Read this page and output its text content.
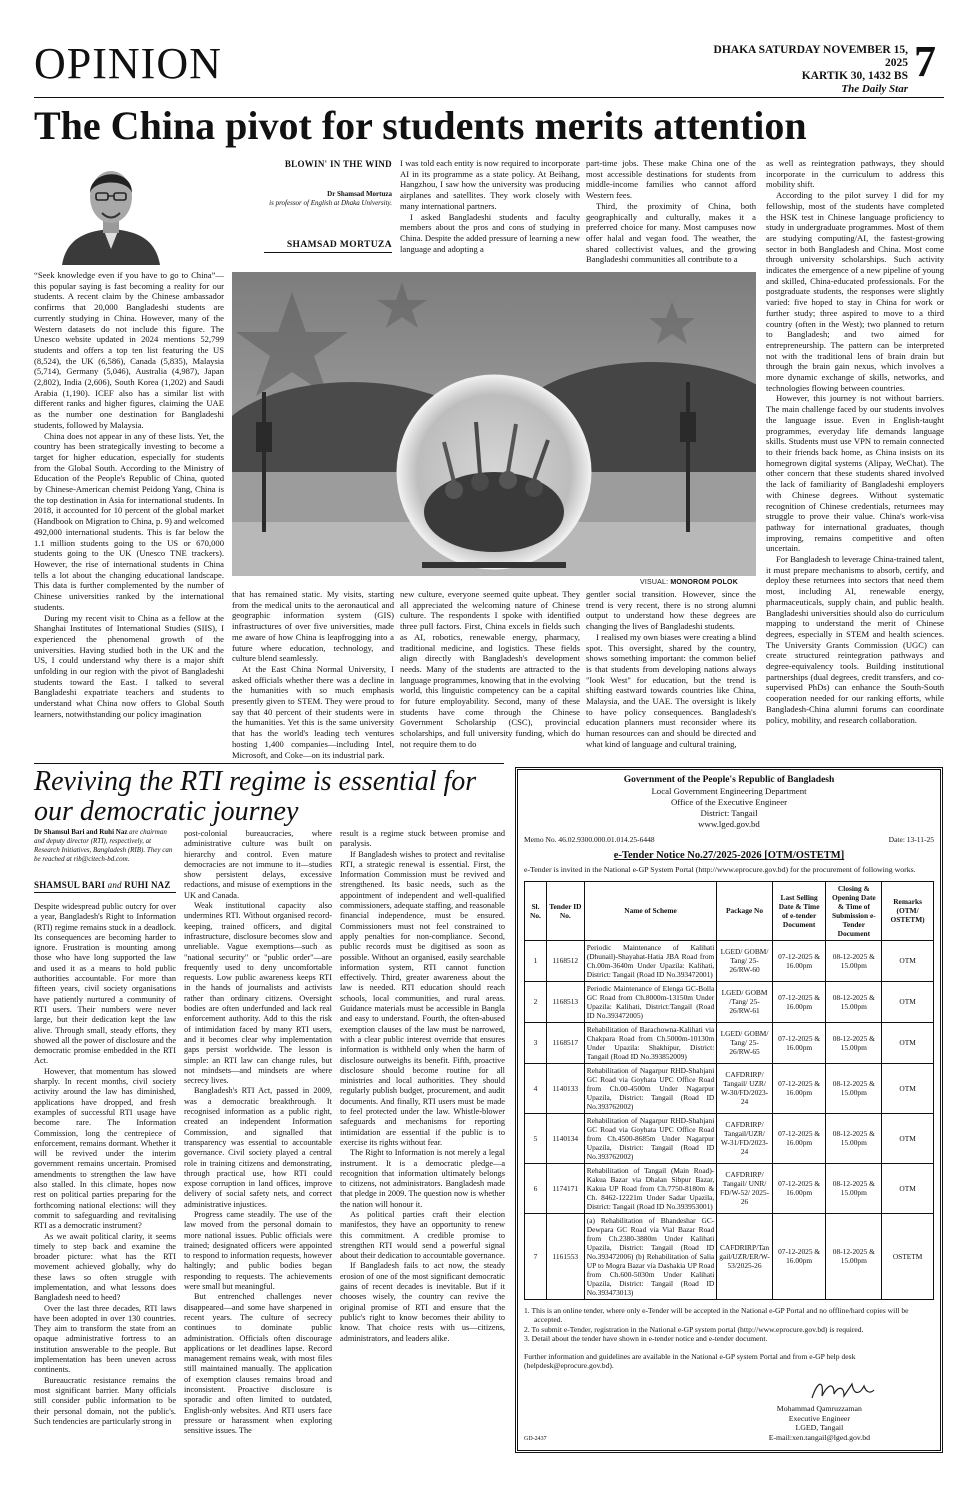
OPINION	DHAKA SATURDAY NOVEMBER 15, 2025
KARTIK 30, 1432 BS
The Daily Star
7
The China pivot for students merits attention
BLOWIN' IN THE WIND
Dr Shamsad Mortuza
is professor of English at Dhaka University.
SHAMSAD MORTUZA

“Seek knowledge even if you have to go to China”—this popular saying is fast becoming a reality for our students. A recent claim by the Chinese ambassador confirms that 20,000 Bangladeshi students are currently studying in China. However, many of the Western datasets do not include this figure. The Unesco website updated in 2024 mentions 52,799 students and offers a top ten list featuring the US (8,524), the UK (6,586), Canada (5,835), Malaysia (5,714), Germany (5,046), Australia (4,987), Japan (2,802), India (2,606), South Korea (1,202) and Saudi Arabia (1,190). ICEF also has a similar list with different ranks and higher figures, claiming the UAE as the number one destination for Bangladeshi students, followed by Malaysia.

China does not appear in any of these lists. Yet, the country has been strategically investing to become a target for higher education, especially for students from the Global South. According to the Ministry of Education of the People's Republic of China, quoted by Chinese-American chemist Peidong Yang, China is the top destination in Asia for international students. In 2018, it accounted for 10 percent of the global market (Handbook on Migration to China, p. 9) and welcomed 492,000 international students. This is far below the 1.1 million students going to the US or 670,000 students going to the UK (Unesco TNE trackers). However, the rise of international students in China tells a lot about the changing educational landscape. This data is further complemented by the number of Chinese universities ranked by the international students.

During my recent visit to China as a fellow at the Shanghai Institutes of International Studies (SIIS), I experienced the phenomenal growth of the universities. Having studied both in the UK and the US, I could understand why there is a major shift unfolding in our region with the pivot of Bangladeshi students toward the East. I talked to several Bangladeshi expatriate teachers and students to understand what China now offers to Global South learners, notwithstanding our policy imagination

I was told each entity is now required to incorporate AI in its programme as a state policy. At Beihang, Hangzhou, I saw how the university was producing airplanes and satellites. They work closely with many international partners.

I asked Bangladeshi students and faculty members about the pros and cons of studying in China. Despite the added pressure of learning a new language and adopting a

part-time jobs. These make China one of the most accessible destinations for students from middle-income families who cannot afford Western fees.

Third, the proximity of China, both geographically and culturally, makes it a preferred choice for many. Most campuses now offer halal and vegan food. The weather, the shared collectivist values, and the growing Bangladeshi communities all contribute to a

VISUAL: MONOROM POLOK

that has remained static. My visits, starting from the medical units to the aeronautical and geographic information system (GIS) infrastructures of over five universities, made me aware of how China is leapfrogging into a future where education, technology, and culture blend seamlessly.

At the East China Normal University, I asked officials whether there was a decline in the humanities with so much emphasis presently given to STEM. They were proud to say that 40 percent of their students were in the humanities. Yet this is the same university that has the world's leading tech ventures hosting 1,400 companies—including Intel, Microsoft, and Coke—on its industrial park.

new culture, everyone seemed quite upbeat. They all appreciated the welcoming nature of Chinese culture. The respondents I spoke with identified three pull factors. First, China excels in fields such as AI, robotics, renewable energy, pharmacy, traditional medicine, and logistics. These fields align directly with Bangladesh's development needs. Many of the students are attracted to the language programmes, knowing that in the evolving world, this linguistic competency can be a capital for future employability. Second, many of these students have come through the Chinese Government Scholarship (CSC), provincial scholarships, and full university funding, which do not require them to do

gentler social transition. However, since the trend is very recent, there is no strong alumni output to understand how these degrees are changing the lives of Bangladeshi students.

I realised my own biases were creating a blind spot. This oversight, shared by the country, shows something important: the common belief is that students from developing nations always "look West" for education, but the trend is shifting eastward towards countries like China, Malaysia, and the UAE. The oversight is likely to have policy consequences. Bangladesh's education planners must reconsider where its human resources can and should be directed and what kind of language and cultural training,

as well as reintegration pathways, they should incorporate in the curriculum to address this mobility shift.

According to the pilot survey I did for my fellowship, most of the students have completed the HSK test in Chinese language proficiency to study in undergraduate programmes. Most of them are studying computing/AI, the fastest-growing sector in both Bangladesh and China. Most come through university scholarships. Such activity indicates the emergence of a new pipeline of young and skilled, China-educated professionals. For the postgraduate students, the responses were slightly varied: five hoped to stay in China for work or further study; three aspired to move to a third country (often in the West); two planned to return to Bangladesh; and two aimed for entrepreneurship. The pattern can be interpreted not with the traditional lens of brain drain but through the brain gain nexus, which involves a more dynamic exchange of skills, networks, and technologies flowing between countries.

However, this journey is not without barriers. The main challenge faced by our students involves the language issue. Even in English-taught programmes, everyday life demands language skills. Students must use VPN to remain connected to their friends back home, as China insists on its homegrown digital systems (Alipay, WeChat). The other concern that these students shared involved the lack of familiarity of Bangladeshi employers with Chinese degrees. Without systematic recognition of Chinese credentials, returnees may struggle to prove their value. China's work-visa pathway for international graduates, though improving, remains competitive and often uncertain.

For Bangladesh to leverage China-trained talent, it must prepare mechanisms to absorb, certify, and deploy these returnees into sectors that need them most, including AI, renewable energy, pharmaceuticals, supply chain, and public health. Bangladeshi universities should also do curriculum mapping to understand the merit of Chinese degrees, especially in STEM and health sciences. The University Grants Commission (UGC) can create structured reintegration pathways and degree-equivalency tools. Building institutional partnerships (dual degrees, credit transfers, and co-supervised PhDs) can enhance the South-South cooperation needed for our ranking efforts, while Bangladesh-China alumni forums can coordinate policy, mobility, and research collaboration.

Reviving the RTI regime is essential for our democratic journey
Dr Shamsul Bari and Ruhi Naz are chairman and deputy director (RTI), respectively, at Research Initiatives, Bangladesh (RIB). They can be reached at rib@citech-bd.com.
SHAMSUL BARI and RUHI NAZ

Despite widespread public outcry for over a year, Bangladesh's Right to Information (RTI) regime remains stuck in a deadlock. Its consequences are becoming harder to ignore. Frustration is mounting among those who have long supported the law and used it as a means to hold public authorities accountable. For more than fifteen years, civil society organisations have patiently nurtured a community of RTI users. Their numbers were never large, but their dedication kept the law alive. Through small, steady efforts, they showed all the power of disclosure and the democratic promise embedded in the RTI Act.

However, that momentum has slowed sharply. In recent months, civil society activity around the law has diminished, applications have dropped, and fresh examples of successful RTI usage have become rare. The Information Commission, long the centrepiece of enforcement, remains dormant. Whether it will be revived under the interim government remains uncertain. Promised amendments to strengthen the law have also stalled. In this climate, hopes now rest on political parties preparing for the forthcoming national elections: will they commit to safeguarding and revitalising RTI as a democratic instrument?

As we await political clarity, it seems timely to step back and examine the broader picture: what has the RTI movement achieved globally, why do these laws so often struggle with implementation, and what lessons does Bangladesh need to heed?

Over the last three decades, RTI laws have been adopted in over 130 countries. They aim to transform the state from an opaque administrative fortress to an institution answerable to the people. But implementation has been uneven across continents.

Bureaucratic resistance remains the most significant barrier. Many officials still consider public information to be their personal domain, not the public's. Such tendencies are particularly strong in

post-colonial bureaucracies, where administrative culture was built on hierarchy and control. Even mature democracies are not immune to it—studies show persistent delays, excessive redactions, and misuse of exemptions in the UK and Canada.

Weak institutional capacity also undermines RTI. Without organised record-keeping, trained officers, and digital infrastructure, disclosure becomes slow and unreliable. Vague exemptions—such as "national security" or "public order"—are frequently used to deny uncomfortable requests. Low public awareness keeps RTI in the hands of journalists and activists rather than ordinary citizens. Oversight bodies are often underfunded and lack real enforcement authority. Add to this the risk of intimidation faced by many RTI users, and it becomes clear why implementation gaps persist worldwide. The lesson is simple: an RTI law can change rules, but not mindsets—and mindsets are where secrecy lives.

Bangladesh's RTI Act, passed in 2009, was a democratic breakthrough. It recognised information as a public right, created an independent Information Commission, and signalled that transparency was essential to accountable governance. Civil society played a central role in training citizens and demonstrating, through practical use, how RTI could expose corruption in land offices, improve delivery of social safety nets, and correct administrative injustices.

Progress came steadily. The use of the law moved from the personal domain to more national issues. Public officials were trained; designated officers were appointed to respond to information requests, however haltingly; and public bodies began responding to requests. The achievements were small but meaningful.

But entrenched challenges never disappeared—and some have sharpened in recent years. The culture of secrecy continues to dominate public administration. Officials often discourage applications or let deadlines lapse. Record management remains weak, with most files still maintained manually. The application of exemption clauses remains broad and inconsistent. Proactive disclosure is sporadic and often limited to outdated, English-only websites. And RTI users face pressure or harassment when exploring sensitive issues. The

result is a regime stuck between promise and paralysis.

If Bangladesh wishes to protect and revitalise RTI, a strategic renewal is essential. First, the Information Commission must be revived and strengthened. Its basic needs, such as the appointment of independent and well-qualified commissioners, adequate staffing, and reasonable financial independence, must be ensured. Commissioners must not feel constrained to apply penalties for non-compliance. Second, public records must be digitised as soon as possible. Without an organised, easily searchable information system, RTI cannot function effectively. Third, greater awareness about the law is needed. RTI education should reach schools, local communities, and rural areas. Guidance materials must be accessible in Bangla and easy to understand. Fourth, the often-abused exemption clauses of the law must be narrowed, with a clear public interest override that ensures information is withheld only when the harm of disclosure outweighs its benefit. Fifth, proactive disclosure should become routine for all ministries and local authorities. They should regularly publish budget, procurement, and audit documents. And finally, RTI users must be made to feel protected under the law. Whistle-blower safeguards and mechanisms for reporting intimidation are essential if the public is to exercise its rights without fear.

The Right to Information is not merely a legal instrument. It is a democratic pledge—a recognition that information ultimately belongs to citizens, not administrators. Bangladesh made that pledge in 2009. The question now is whether the nation will honour it.

As political parties craft their election manifestos, they have an opportunity to renew this commitment. A credible promise to strengthen RTI would send a powerful signal about their dedication to accountable governance.

If Bangladesh fails to act now, the steady erosion of one of the most significant democratic gains of recent decades is inevitable. But if it chooses wisely, the country can revive the original promise of RTI and ensure that the public's right to know becomes their ability to know. That choice rests with us—citizens, administrators, and leaders alike.

Government of the People's Republic of Bangladesh
Local Government Engineering Department
Office of the Executive Engineer
District: Tangail
www.lged.gov.bd
Memo No. 46.02.9300.000.01.014.25-6448	Date: 13-11-25
e-Tender Notice No.27/2025-2026 [OTM/OSTETM]
e-Tender is invited in the National e-GP System Portal (http://www.eprocure.gov.bd) for the procurement of following works.
Sl. No.	Tender ID No.	Name of Scheme	Package No	Last Selling Date & Time of e-tender Document	Closing & Opening Date & Time of Submission e-Tender Document	Remarks (OTM/ OSTETM)
1	1168512	Periodic Maintenance of Kalihati (Dhunail)-Shayahat-Hatia JBA Road from Ch.00m-3640m Under Upazila: Kalihati, District: Tangail (Road ID No.393472001)	LGED/ GOBM/ Tang/ 25-26/RW-60	07-12-2025 & 16.00pm	08-12-2025 & 15.00pm	OTM
2	1168513	Periodic Maintenance of Elenga GC-Bolla GC Road from Ch.8000m-13150m Under Upazila: Kalihati, District:Tangail (Road ID No.393472005)	LGED/ GOBM /Tang/ 25-26/RW-61	07-12-2025 & 16.00pm	08-12-2025 & 15.00pm	OTM
3	1168517	Rehabilitation of Barachowna-Kalihati via Chakpara Road from Ch.5000m-10130m Under Upazila: Shakhipur, District: Tangail (Road ID No.393852009)	LGED/ GOBM/ Tang/ 25-26/RW-65	07-12-2025 & 16.00pm	08-12-2025 & 15.00pm	OTM
4	1140133	Rehabilitation of Nagarpur RHD-Shahjani GC Road via Goyhata UPC Office Road from Ch.00-4500m Under Nagarpur Upazila, District: Tangail (Road ID No.393762002)	CAFDRIRP/ Tangail/ UZR/ W-30/FD/2023-24	07-12-2025 & 16.00pm	08-12-2025 & 15.00pm	OTM
5	1140134	Rehabilitation of Nagarpur RHD-Shahjani GC Road via Goyhata UPC Office Road from Ch.4500-8685m Under Nagarpur Upazila, District: Tangail (Road ID No.393762002)	CAFDRIRP/ Tangail/UZR/ W-31/FD/2023-24	07-12-2025 & 16.00pm	08-12-2025 & 15.00pm	OTM
6	1174171	Rehabilitation of Tangail (Main Road)-Kakua Bazar via Dhalan Sibpur Bazar, Kakua UP Road from Ch.7750-8180m & Ch. 8462-12221m Under Sadar Upazila, District: Tangail (Road ID No.393953001)	CAFDRIRP/ Tangail/ UNR/ FD/W-52/ 2025-26	07-12-2025 & 16.00pm	08-12-2025 & 15.00pm	OTM
7	1161553	(a) Rehabilitation of Bhandeshar GC-Dewpara GC Road via Vial Bazar Road from Ch.2380-3880m Under Kalihati Upazila, District: Tangail (Road ID No.393472006) (b) Rehabilitation of Salia UP to Mogra Bazar via Dashakia UP Road from Ch.600-5030m Under Kalihati Upazila, District: Tangail (Road ID No.393473013)	CAFDRIRP/Tan gail/UZR/ER/W-53/2025-26	07-12-2025 & 16.00pm	08-12-2025 & 15.00pm	OSTETM
1. This is an online tender, where only e-Tender will be accepted in the National e-GP Portal and no offline/hard copies will be accepted.
2. To submit e-Tender, registration in the National e-GP system portal (http://www.eprocure.gov.bd) is required.
3. Detail about the tender have shown in e-tender notice and e-tender document.
Further information and guidelines are available in the National e-GP system Portal and from e-GP help desk (helpdesk@eprocure.gov.bd).
Mohammad Qamruzzaman
Executive Engineer
LGED, Tangail
E-mail:xen.tangail@lged.gov.bd
GD-2437
